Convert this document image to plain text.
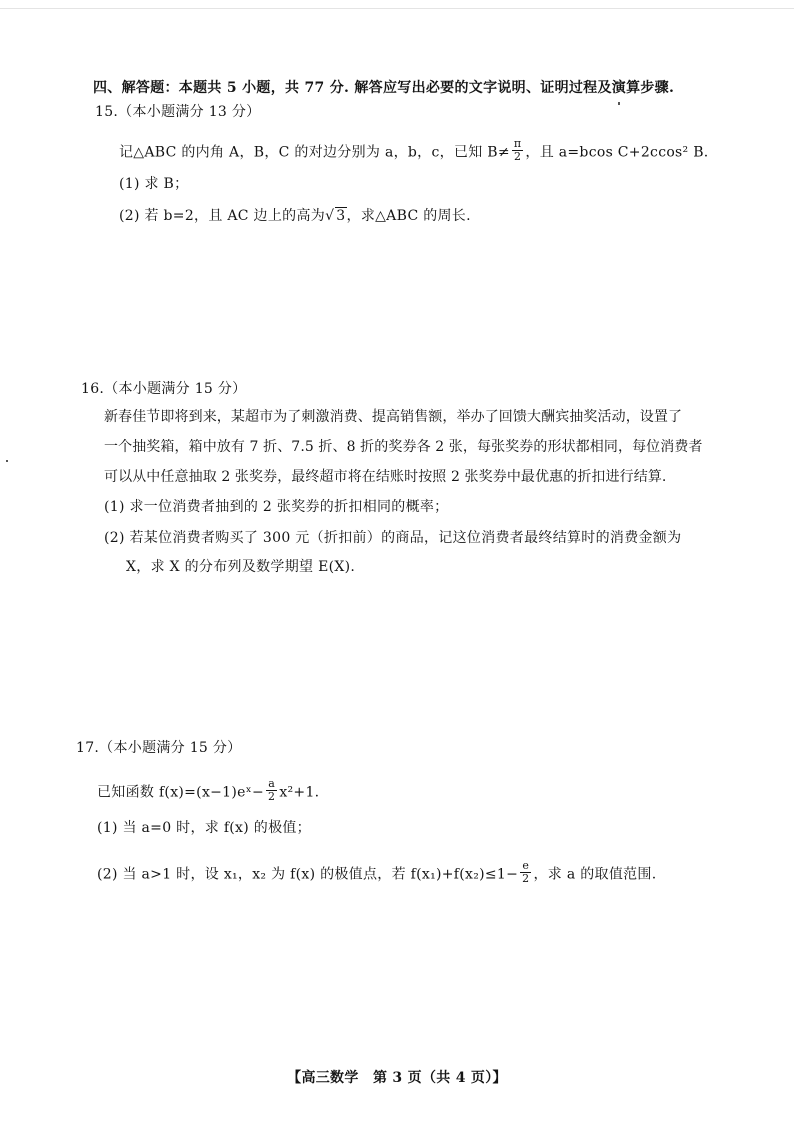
四、解答题：本题共 5 小题，共 77 分. 解答应写出必要的文字说明、证明过程及演算步骤.
15.（本小题满分 13 分）
记△ABC 的内角 A，B，C 的对边分别为 a，b，c，已知 $B\ne \frac{\pi}{2}$ ，且 a=bcos C+2ccos² B.
(1) 求 B；
(2) 若 b=2，且 AC 边上的高为√ 3，求△ABC 的周长.
16.（本小题满分 15 分）
新春佳节即将到来，某超市为了刺激消费、提高销售额，举办了回馈大酬宾抽奖活动，设置了
一个抽奖箱，箱中放有 7 折、7.5 折、8 折的奖券各 2 张，每张奖券的形状都相同，每位消费者
可以从中任意抽取 2 张奖券，最终超市将在结账时按照 2 张奖券中最优惠的折扣进行结算.
(1) 求一位消费者抽到的 2 张奖券的折扣相同的概率；
(2) 若某位消费者购买了 300 元（折扣前）的商品，记这位消费者最终结算时的消费金额为
X，求 X 的分布列及数学期望 E(X).
17.（本小题满分 15 分）
已知函数 f(x)=(x−1)eˣ− $\frac{a}{2} x^2+1$.
(1) 当 a=0 时，求 f(x) 的极值；
(2) 当 a>1 时，设 x₁，x₂ 为 f(x) 的极值点，若 $f(x_1)+f(x_2)\le 1- \frac{e}{2}$ ，求 a 的取值范围.
【高三数学　第 3 页（共 4 页）】
